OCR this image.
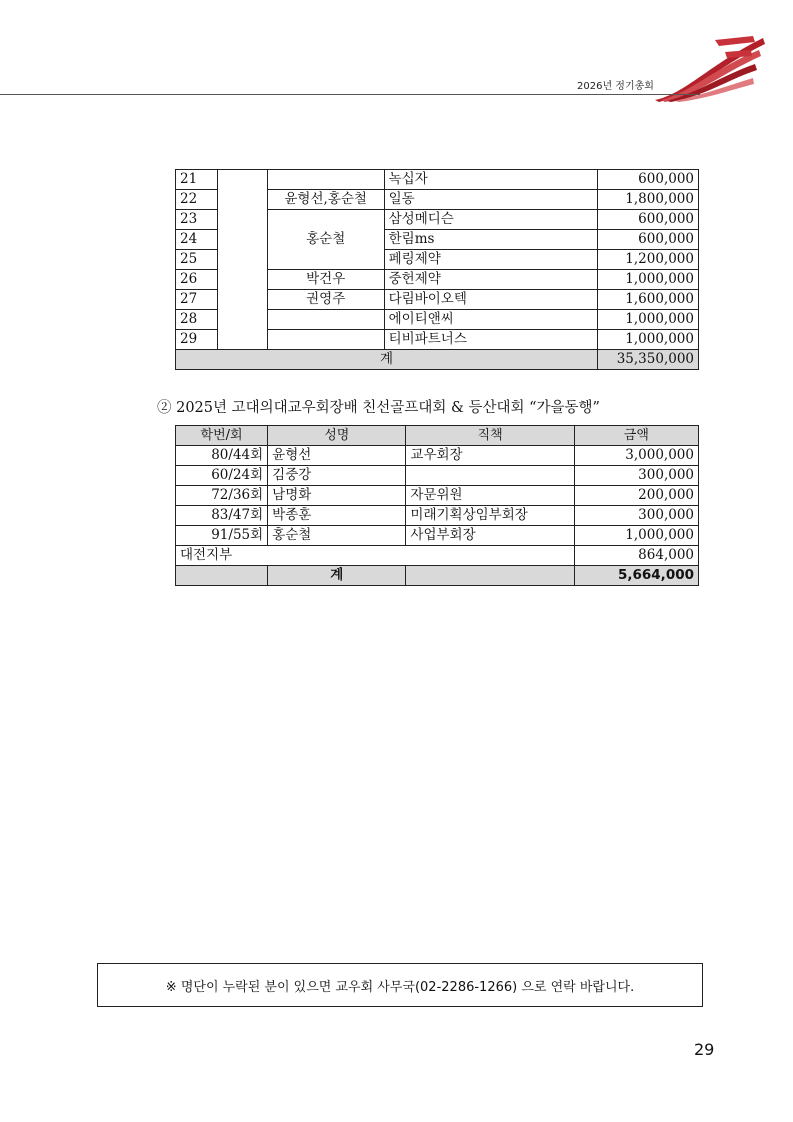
2026년 정기총회
21			녹십자	600,000
22		윤형선,홍순철	일동	1,800,000
23		홍순철	삼성메디슨	600,000
24			한림ms	600,000
25			페링제약	1,200,000
26		박건우	중헌제약	1,000,000
27		권영주	다림바이오텍	1,600,000
28			에이티앤씨	1,000,000
29			티비파트너스	1,000,000
계				35,350,000
② 2025년 고대의대교우회장배 친선골프대회 & 등산대회 “가을동행”
학번/회	성명	직책	금액
80/44회	윤형선	교우회장	3,000,000
60/24회	김중강		300,000
72/36회	남명화	자문위원	200,000
83/47회	박종훈	미래기획상임부회장	300,000
91/55회	홍순철	사업부회장	1,000,000
대전지부			864,000
	계		5,664,000
※ 명단이 누락된 분이 있으면 교우회 사무국(02-2286-1266) 으로 연락 바랍니다.
29
